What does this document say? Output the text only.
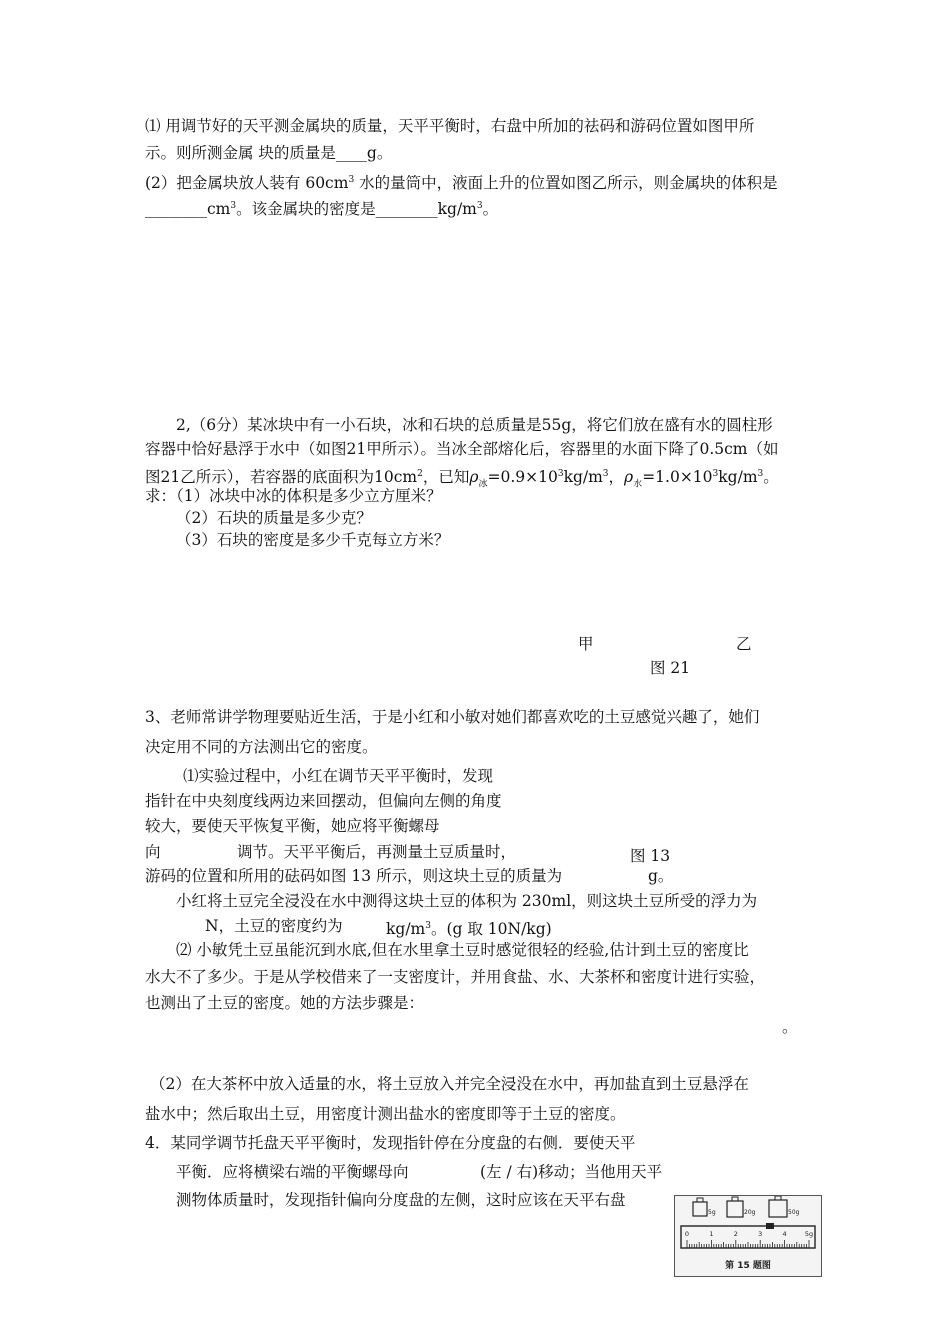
⑴ 用调节好的天平测金属块的质量，天平平衡时，右盘中所加的祛码和游码位置如图甲所
示。则所测金属 块的质量是____g。
(2）把金属块放人装有 $60cm^3$ 水的量筒中，液面上升的位置如图乙所示，则金属块的体积是
$\_\_\_\_\_\_\_\_cm^3$。该金属块的密度是$\_\_\_\_\_\_\_\_kg/m^3$。
2,（6分）某冰块中有一小石块，冰和石块的总质量是55g，将它们放在盛有水的圆柱形
容器中恰好悬浮于水中（如图21甲所示）。当冰全部熔化后，容器里的水面下降了0.5cm（如
图21乙所示），若容器的底面积为$10cm^2$，已知$\rho_冰=0.9\times 10^3kg/m^3$，$\rho_水=1.0\times 10^3kg/m^3$。
求：（1）冰块中冰的体积是多少立方厘米？
（2）石块的质量是多少克？
（3）石块的密度是多少千克每立方米？
甲	乙
图 21
3、老师常讲学物理要贴近生活，于是小红和小敏对她们都喜欢吃的土豆感觉兴趣了，她们
决定用不同的方法测出它的密度。
⑴实验过程中，小红在调节天平平衡时，发现
指针在中央刻度线两边来回摆动，但偏向左侧的角度
较大，要使天平恢复平衡，她应将平衡螺母
向	调节。天平平衡后，再测量土豆质量时，	图 13
游码的位置和所用的砝码如图 13 所示，则这块土豆的质量为	g。
小红将土豆完全浸没在水中测得这块土豆的体积为 230ml，则这块土豆所受的浮力为
N，土豆的密度约为	$kg/m^3$。(g 取 10N/kg)
⑵ 小敏凭土豆虽能沉到水底,但在水里拿土豆时感觉很轻的经验,估计到土豆的密度比
水大不了多少。于是从学校借来了一支密度计，并用食盐、水、大茶杯和密度计进行实验，
也测出了土豆的密度。她的方法步骤是：
。
（2）在大茶杯中放入适量的水，将土豆放入并完全浸没在水中，再加盐直到土豆悬浮在
盐水中；然后取出土豆，用密度计测出盐水的密度即等于土豆的密度。
4．某同学调节托盘天平平衡时，发现指针停在分度盘的右侧．要使天平
平衡．应将横梁右端的平衡螺母向	(左 / 右)移动；当他用天平
测物体质量时，发现指针偏向分度盘的左侧，这时应该在天平右盘
5g	20g	50g
0	1	2	3	4	5g
第 15 题图
